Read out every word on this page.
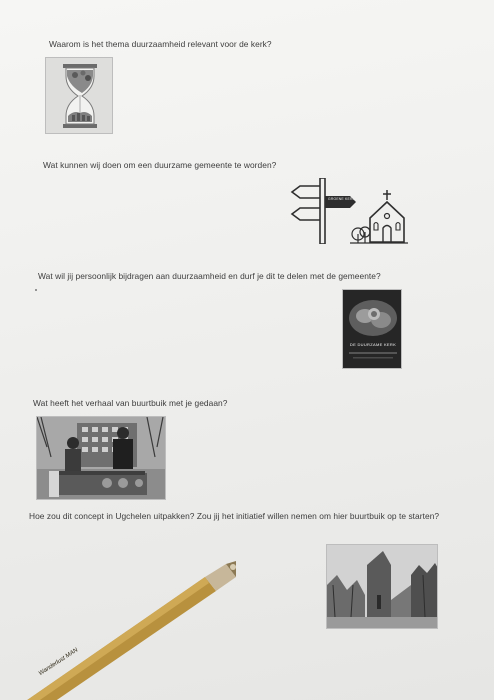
Waarom is het thema duurzaamheid relevant voor de kerk?
Wat kunnen wij doen om een duurzame gemeente te worden?
GROENE KERK
Wat wil jij persoonlijk bijdragen aan duurzaamheid en durf je dit te delen met de gemeente?
DE DUURZAME KERK
Wat heeft het verhaal van buurtbuik met je gedaan?
Hoe zou dit concept in Ugchelen uitpakken? Zou jij het initiatief willen nemen om hier buurtbuik op te starten?
Wanderlust MAN
